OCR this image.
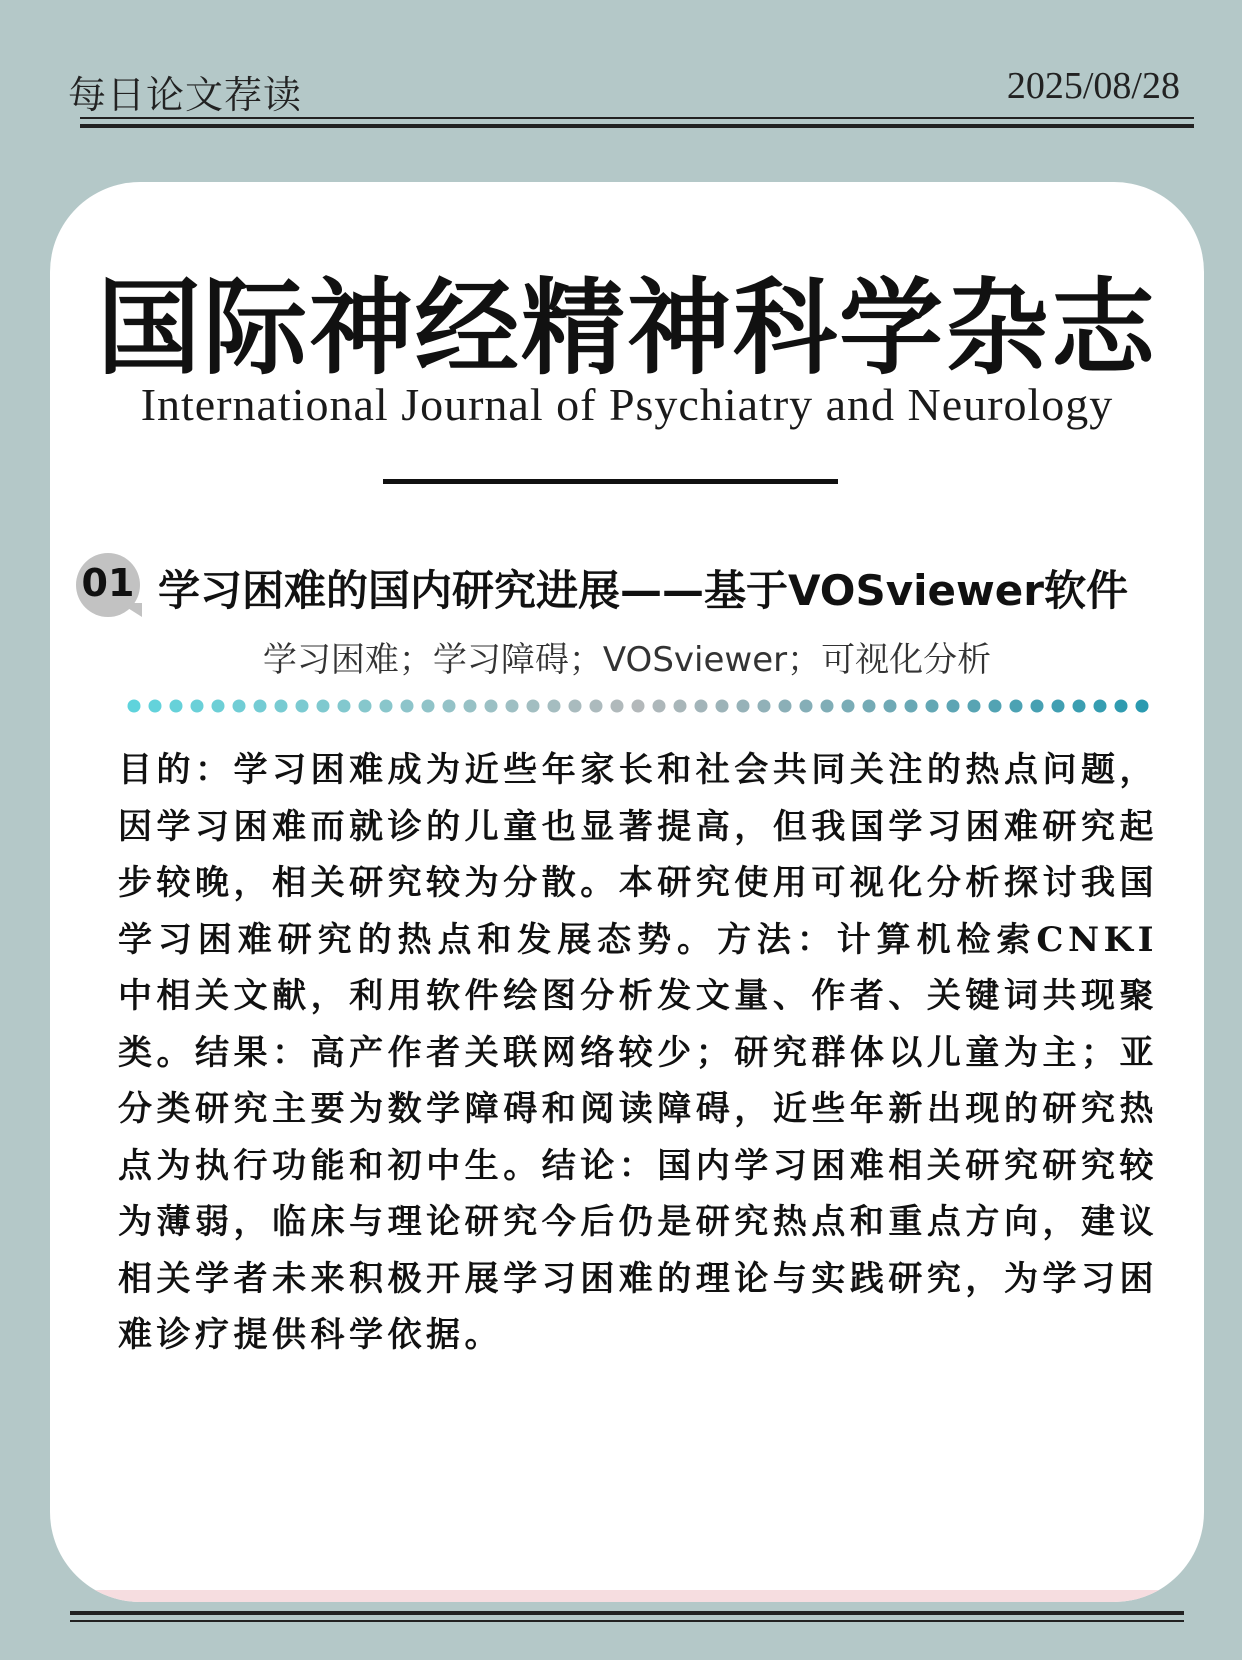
每日论文荐读	2025/08/28
国际神经精神科学杂志
International Journal of Psychiatry and Neurology
01 学习困难的国内研究进展——基于VOSviewer软件
学习困难；学习障碍；VOSviewer；可视化分析
目的：学习困难成为近些年家长和社会共同关注的热点问题，因学习困难而就诊的儿童也显著提高，但我国学习困难研究起步较晚，相关研究较为分散。本研究使用可视化分析探讨我国学习困难研究的热点和发展态势。方法：计算机检索CNKI中相关文献，利用软件绘图分析发文量、作者、关键词共现聚类。结果：高产作者关联网络较少；研究群体以儿童为主；亚分类研究主要为数学障碍和阅读障碍，近些年新出现的研究热点为执行功能和初中生。结论：国内学习困难相关研究研究较为薄弱，临床与理论研究今后仍是研究热点和重点方向，建议相关学者未来积极开展学习困难的理论与实践研究，为学习困难诊疗提供科学依据。
